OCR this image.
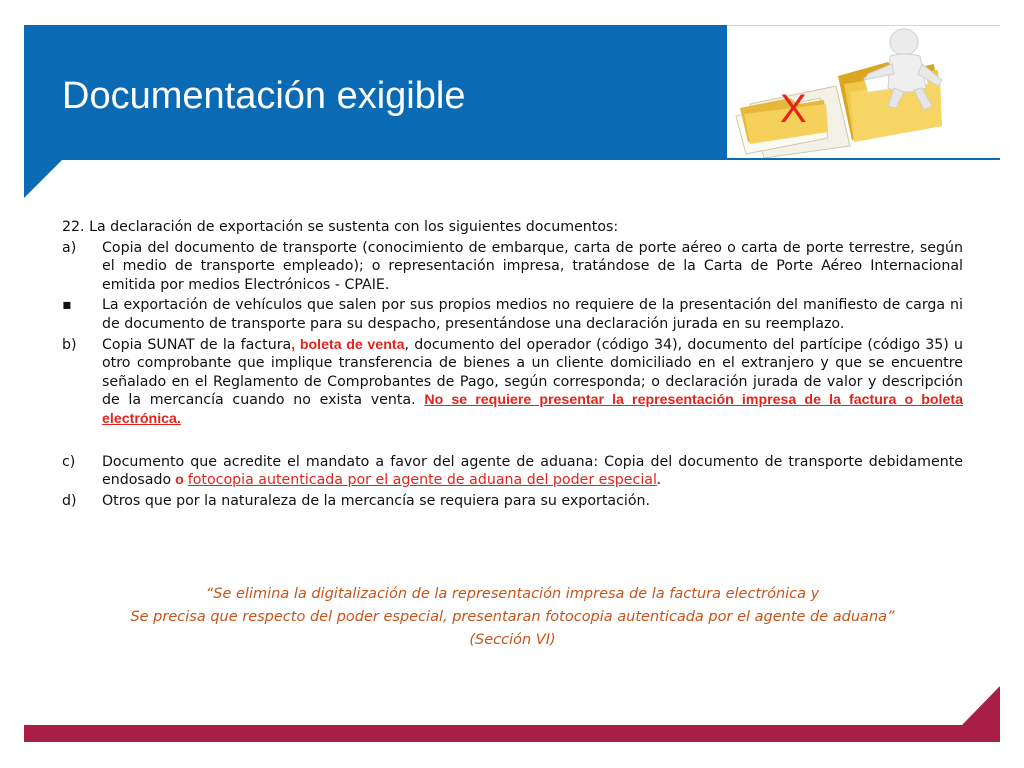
Documentación exigible	X

22. La declaración de exportación se sustenta con los siguientes documentos:

a) Copia del documento de transporte (conocimiento de embarque, carta de porte aéreo o carta de porte terrestre, según el medio de transporte empleado); o representación impresa, tratándose de la Carta de Porte Aéreo Internacional emitida por medios Electrónicos - CPAIE.
▪ La exportación de vehículos que salen por sus propios medios no requiere de la presentación del manifiesto de carga ni de documento de transporte para su despacho, presentándose una declaración jurada en su reemplazo.
b) Copia SUNAT de la factura, boleta de venta, documento del operador (código 34), documento del partícipe (código 35) u otro comprobante que implique transferencia de bienes a un cliente domiciliado en el extranjero y que se encuentre señalado en el Reglamento de Comprobantes de Pago, según corresponda; o declaración jurada de valor y descripción de la mercancía cuando no exista venta. No se requiere presentar la representación impresa de la factura o boleta electrónica.
c) Documento que acredite el mandato a favor del agente de aduana: Copia del documento de transporte debidamente endosado o fotocopia autenticada por el agente de aduana del poder especial.
d) Otros que por la naturaleza de la mercancía se requiera para su exportación.
“Se elimina la digitalización de la representación impresa de la factura electrónica y
Se precisa que respecto del poder especial, presentaran fotocopia autenticada por el agente de aduana”
(Sección VI)
